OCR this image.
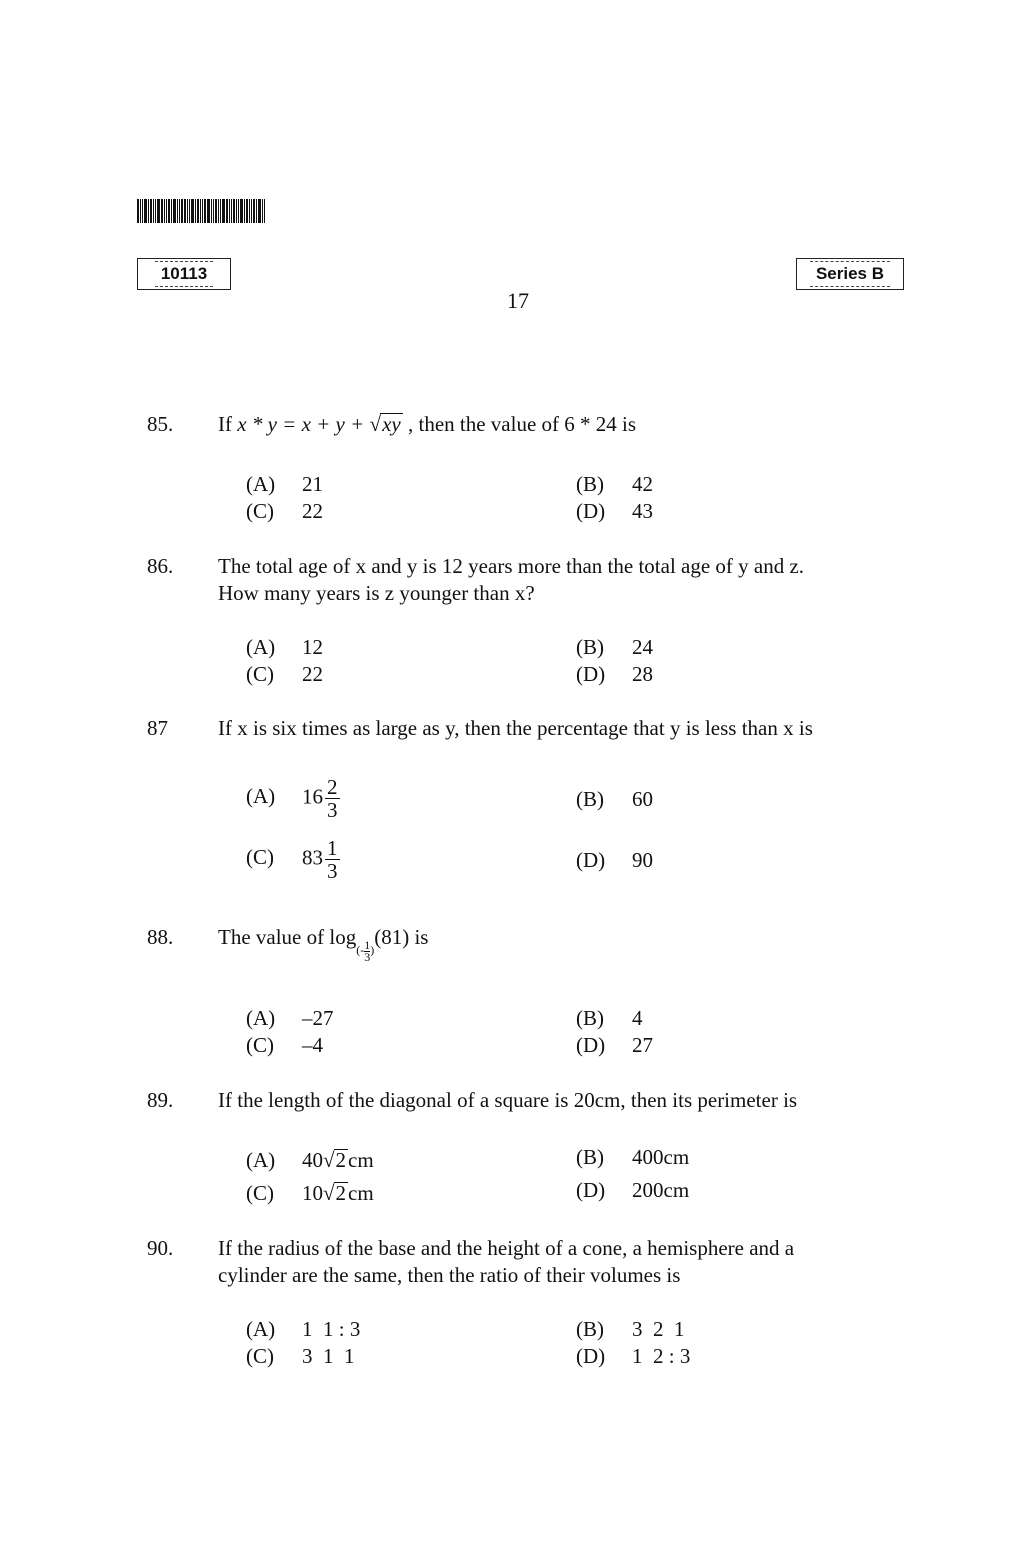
10113	Series B
17
85. If x * y = x + y + √xy , then the value of 6 * 24 is
(A) 21	(B) 42
(C) 22	(D) 43
86. The total age of x and y is 12 years more than the total age of y and z.
How many years is z younger than x?
(A) 12	(B) 24
(C) 22	(D) 28
87 If x is six times as large as y, then the percentage that y is less than x is
(A) $16 \frac{2}{3}$	(B) 60
(C) $83 \frac{1}{3}$	(D) 90
88. The value of $\log_{(- \frac{1}{3} )}(81)$ is
(A) –27	(B) 4
(C) –4	(D) 27
89. If the length of the diagonal of a square is 20cm, then its perimeter is
(A) 40√2cm	(B) 400cm
(C) 10√2cm	(D) 200cm
90. If the radius of the base and the height of a cone, a hemisphere and a
cylinder are the same, then the ratio of their volumes is
(A) 1  1 : 3	(B) 3  2  1
(C) 3  1  1	(D) 1  2 : 3
